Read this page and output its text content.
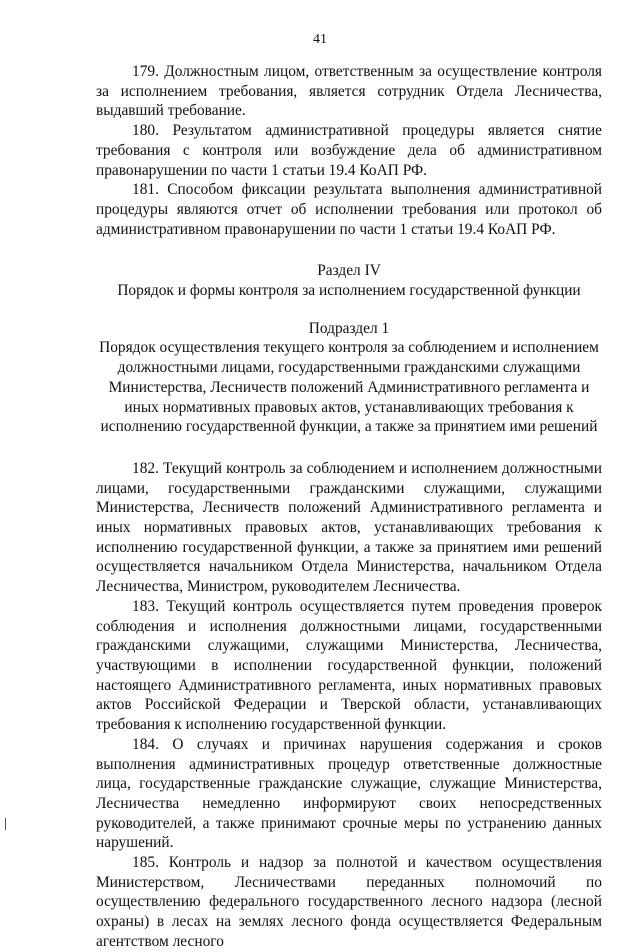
41

179. Должностным лицом, ответственным за осуществление контроля за исполнением требования, является сотрудник Отдела Лесничества, выдавший требование.

180. Результатом административной процедуры является снятие требования с контроля или возбуждение дела об административном правонарушении по части 1 статьи 19.4 КоАП РФ.

181. Способом фиксации результата выполнения административной процедуры являются отчет об исполнении требования или протокол об административном правонарушении по части 1 статьи 19.4 КоАП РФ.

Раздел IV

Порядок и формы контроля за исполнением государственной функции

Подраздел 1

Порядок осуществления текущего контроля за соблюдением и исполнением должностными лицами, государственными гражданскими служащими Министерства, Лесничеств положений Административного регламента и иных нормативных правовых актов, устанавливающих требования к исполнению государственной функции, а также за принятием ими решений

182. Текущий контроль за соблюдением и исполнением должностными лицами, государственными гражданскими служащими, служащими Министерства, Лесничеств положений Административного регламента и иных нормативных правовых актов, устанавливающих требования к исполнению государственной функции, а также за принятием ими решений осуществляется начальником Отдела Министерства, начальником Отдела Лесничества, Министром, руководителем Лесничества.

183. Текущий контроль осуществляется путем проведения проверок соблюдения и исполнения должностными лицами, государственными гражданскими служащими, служащими Министерства, Лесничества, участвующими в исполнении государственной функции, положений настоящего Административного регламента, иных нормативных правовых актов Российской Федерации и Тверской области, устанавливающих требования к исполнению государственной функции.

184. О случаях и причинах нарушения содержания и сроков выполнения административных процедур ответственные должностные лица, государственные гражданские служащие, служащие Министерства, Лесничества немедленно информируют своих непосредственных руководителей, а также принимают срочные меры по устранению данных нарушений.

185. Контроль и надзор за полнотой и качеством осуществления Министерством, Лесничествами переданных полномочий по осуществлению федерального государственного лесного надзора (лесной охраны) в лесах на землях лесного фонда осуществляется Федеральным агентством лесного
